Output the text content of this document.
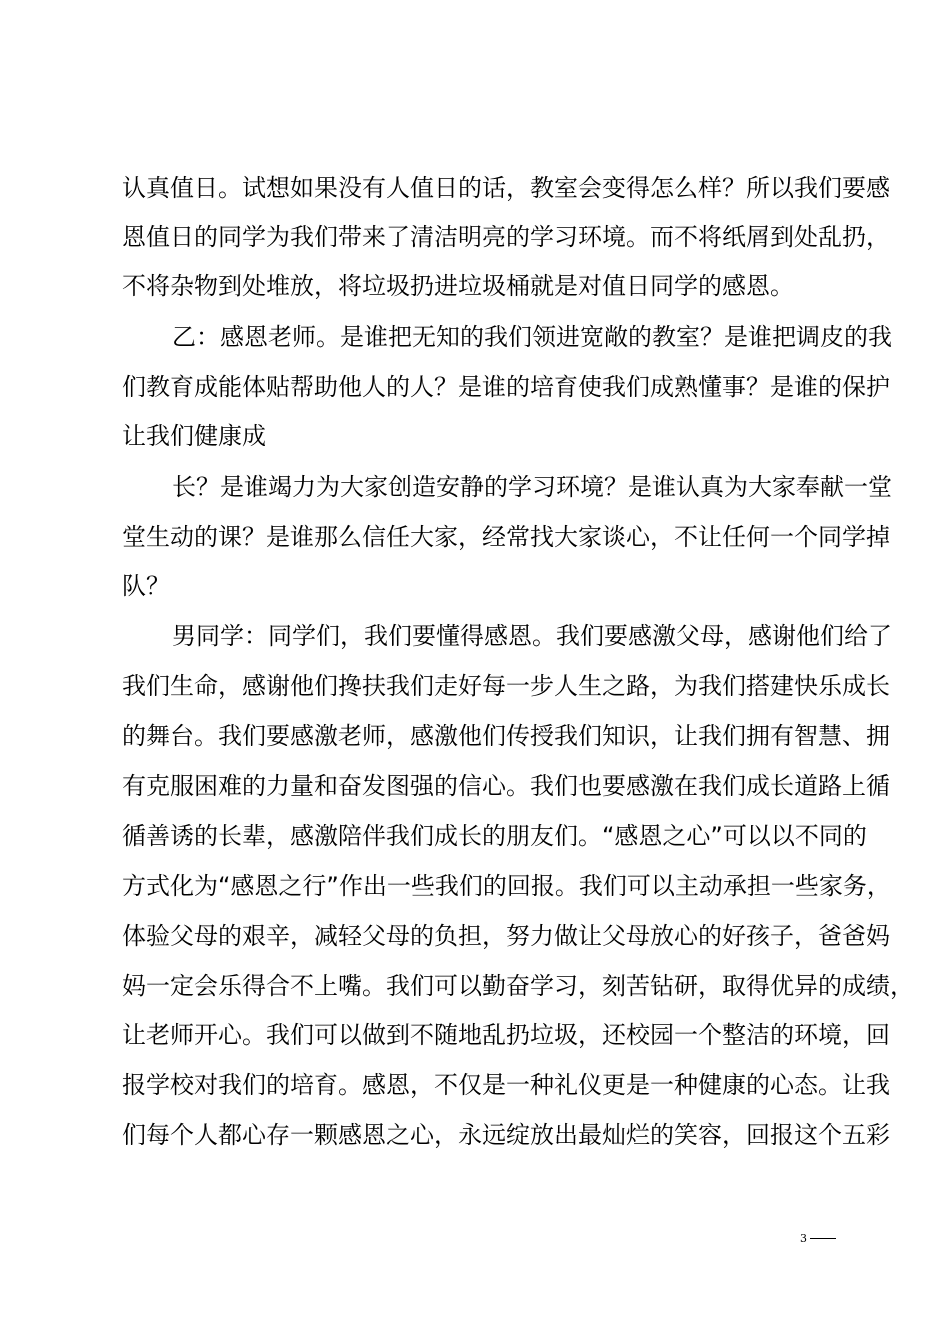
认真值日。试想如果没有人值日的话，教室会变得怎么样？所以我们要感
恩值日的同学为我们带来了清洁明亮的学习环境。而不将纸屑到处乱扔，
不将杂物到处堆放，将垃圾扔进垃圾桶就是对值日同学的感恩。
乙：感恩老师。是谁把无知的我们领进宽敞的教室？是谁把调皮的我
们教育成能体贴帮助他人的人？是谁的培育使我们成熟懂事？是谁的保护
让我们健康成
长？是谁竭力为大家创造安静的学习环境？是谁认真为大家奉献一堂
堂生动的课？是谁那么信任大家，经常找大家谈心，不让任何一个同学掉
队？
男同学：同学们，我们要懂得感恩。我们要感激父母，感谢他们给了
我们生命，感谢他们搀扶我们走好每一步人生之路，为我们搭建快乐成长
的舞台。我们要感激老师，感激他们传授我们知识，让我们拥有智慧、拥
有克服困难的力量和奋发图强的信心。我们也要感激在我们成长道路上循
循善诱的长辈，感激陪伴我们成长的朋友们。“感恩之心”可以以不同的
方式化为“感恩之行”作出一些我们的回报。我们可以主动承担一些家务，
体验父母的艰辛，减轻父母的负担，努力做让父母放心的好孩子，爸爸妈
妈一定会乐得合不上嘴。我们可以勤奋学习，刻苦钻研，取得优异的成绩，
让老师开心。我们可以做到不随地乱扔垃圾，还校园一个整洁的环境，回
报学校对我们的培育。感恩，不仅是一种礼仪更是一种健康的心态。让我
们每个人都心存一颗感恩之心，永远绽放出最灿烂的笑容，回报这个五彩
3
